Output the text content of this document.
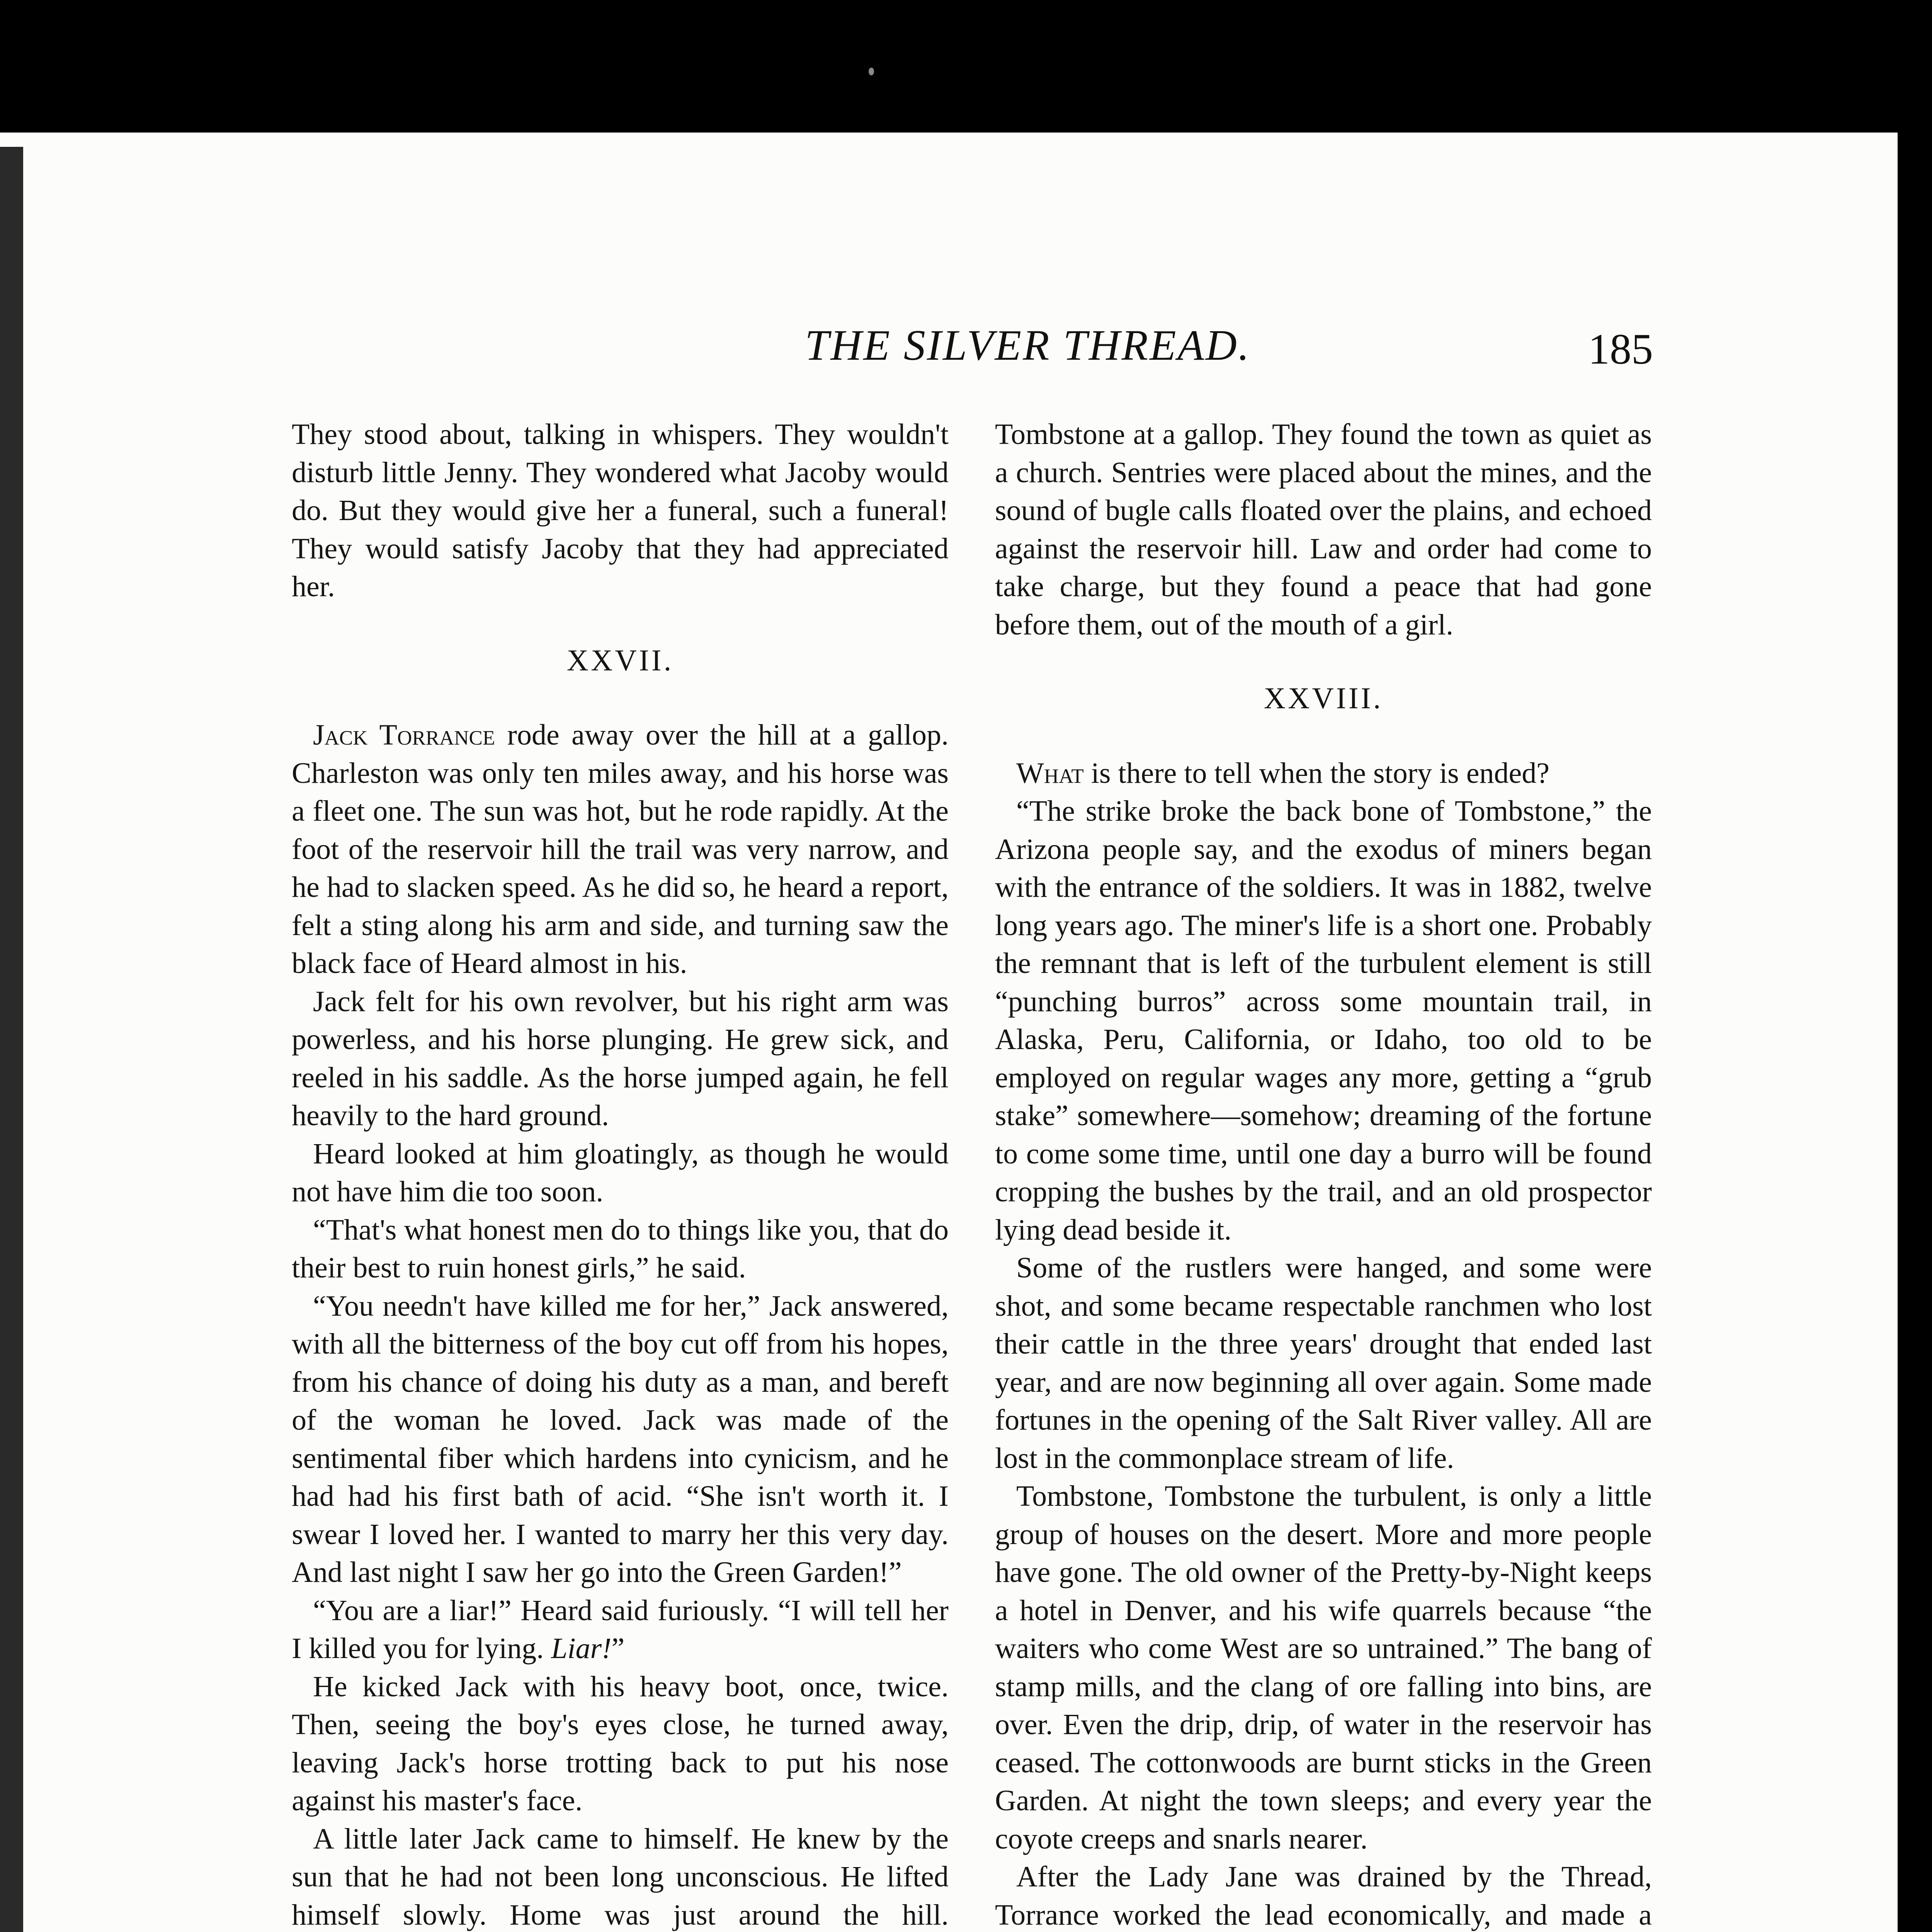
THE SILVER THREAD.	185

They stood about, talking in whispers. They wouldn't disturb little Jenny. They wondered what Jacoby would do. But they would give her a funeral, such a funeral! They would satisfy Jacoby that they had appreciated her.

XXVII.

Jack Torrance rode away over the hill at a gallop. Charleston was only ten miles away, and his horse was a fleet one. The sun was hot, but he rode rapidly. At the foot of the reservoir hill the trail was very narrow, and he had to slacken speed. As he did so, he heard a report, felt a sting along his arm and side, and turning saw the black face of Heard almost in his.

Jack felt for his own revolver, but his right arm was powerless, and his horse plunging. He grew sick, and reeled in his saddle. As the horse jumped again, he fell heavily to the hard ground.

Heard looked at him gloatingly, as though he would not have him die too soon.

“That's what honest men do to things like you, that do their best to ruin honest girls,” he said.

“You needn't have killed me for her,” Jack answered, with all the bitterness of the boy cut off from his hopes, from his chance of doing his duty as a man, and bereft of the woman he loved. Jack was made of the sentimental fiber which hardens into cynicism, and he had had his first bath of acid. “She isn't worth it. I swear I loved her. I wanted to marry her this very day. And last night I saw her go into the Green Garden!”

“You are a liar!” Heard said furiously. “I will tell her I killed you for lying. Liar!”

He kicked Jack with his heavy boot, once, twice. Then, seeing the boy's eyes close, he turned away, leaving Jack's horse trotting back to put his nose against his master's face.

A little later Jack came to himself. He knew by the sun that he had not been long unconscious. He lifted himself slowly. Home was just around the hill.

Tombstone at a gallop. They found the town as quiet as a church. Sentries were placed about the mines, and the sound of bugle calls floated over the plains, and echoed against the reservoir hill. Law and order had come to take charge, but they found a peace that had gone before them, out of the mouth of a girl.

XXVIII.

What is there to tell when the story is ended?

“The strike broke the back bone of Tombstone,” the Arizona people say, and the exodus of miners began with the entrance of the soldiers. It was in 1882, twelve long years ago. The miner's life is a short one. Probably the remnant that is left of the turbulent element is still “punching burros” across some mountain trail, in Alaska, Peru, California, or Idaho, too old to be employed on regular wages any more, getting a “grub stake” somewhere—somehow; dreaming of the fortune to come some time, until one day a burro will be found cropping the bushes by the trail, and an old prospector lying dead beside it.

Some of the rustlers were hanged, and some were shot, and some became respectable ranchmen who lost their cattle in the three years' drought that ended last year, and are now beginning all over again. Some made fortunes in the opening of the Salt River valley. All are lost in the commonplace stream of life.

Tombstone, Tombstone the turbulent, is only a little group of houses on the desert. More and more people have gone. The old owner of the Pretty-by-Night keeps a hotel in Denver, and his wife quarrels because “the waiters who come West are so untrained.” The bang of stamp mills, and the clang of ore falling into bins, are over. Even the drip, drip, of water in the reservoir has ceased. The cottonwoods are burnt sticks in the Green Garden. At night the town sleeps; and every year the coyote creeps and snarls nearer.

After the Lady Jane was drained by the Thread, Torrance worked the lead economically, and made a
